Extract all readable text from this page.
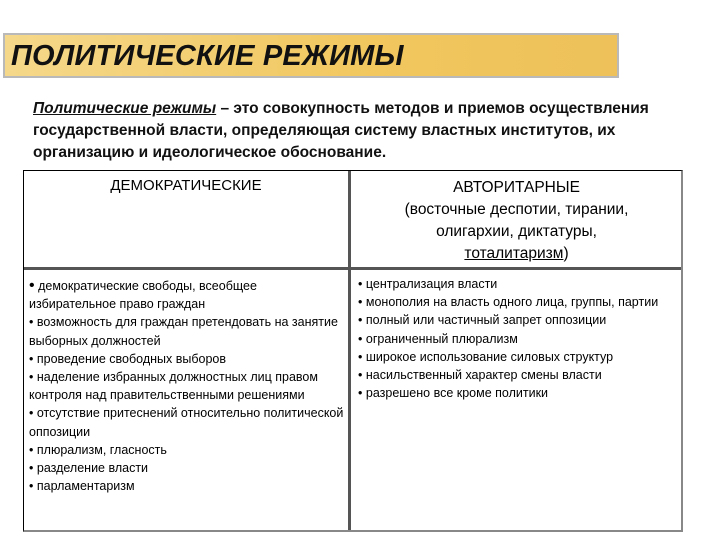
ПОЛИТИЧЕСКИЕ РЕЖИМЫ
Политические режимы – это совокупность методов и приемов осуществления государственной власти, определяющая систему властных институтов, их организацию и идеологическое обоснование.
ДЕМОКРАТИЧЕСКИЕ	АВТОРИТАРНЫЕ
(восточные деспотии, тирании,
олигархии, диктатуры,
тоталитаризм)
• демократические свободы, всеобщее избирательное право граждан
• возможность для граждан претендовать на занятие выборных должностей
• проведение свободных выборов
• наделение избранных должностных лиц правом контроля над правительственными решениями
• отсутствие притеснений относительно политической оппозиции
• плюрализм, гласность
• разделение власти
• парламентаризм
• централизация власти
• монополия на власть одного лица, группы, партии
• полный или частичный запрет оппозиции
• ограниченный плюрализм
• широкое использование силовых структур
• насильственный характер смены власти
• разрешено все кроме политики
